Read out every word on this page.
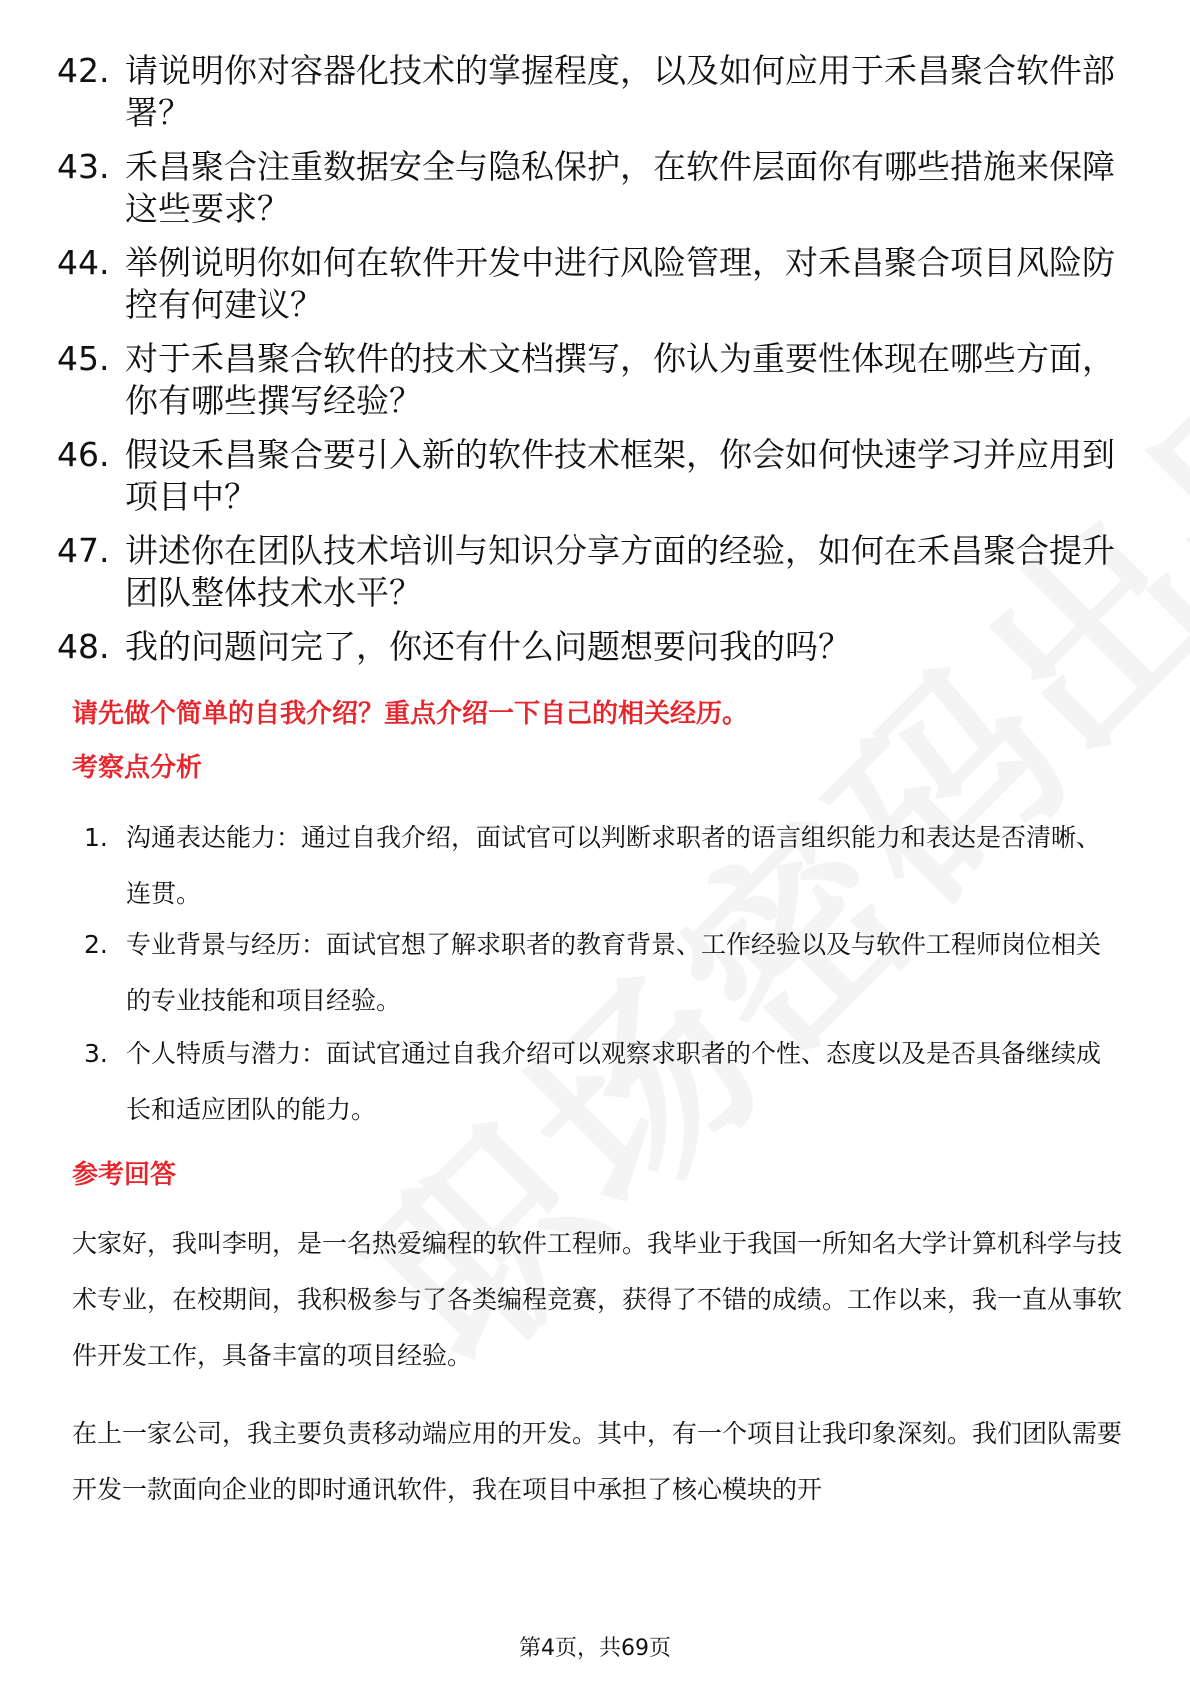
42. 请说明你对容器化技术的掌握程度，以及如何应用于禾昌聚合软件部署？
43. 禾昌聚合注重数据安全与隐私保护，在软件层面你有哪些措施来保障这些要求？
44. 举例说明你如何在软件开发中进行风险管理，对禾昌聚合项目风险防控有何建议？
45. 对于禾昌聚合软件的技术文档撰写，你认为重要性体现在哪些方面，你有哪些撰写经验？
46. 假设禾昌聚合要引入新的软件技术框架，你会如何快速学习并应用到项目中？
47. 讲述你在团队技术培训与知识分享方面的经验，如何在禾昌聚合提升团队整体技术水平？
48. 我的问题问完了，你还有什么问题想要问我的吗？
请先做个简单的自我介绍？重点介绍一下自己的相关经历。
考察点分析
1. 沟通表达能力：通过自我介绍，面试官可以判断求职者的语言组织能力和表达是否清晰、连贯。
2. 专业背景与经历：面试官想了解求职者的教育背景、工作经验以及与软件工程师岗位相关的专业技能和项目经验。
3. 个人特质与潜力：面试官通过自我介绍可以观察求职者的个性、态度以及是否具备继续成长和适应团队的能力。
参考回答
大家好，我叫李明，是一名热爱编程的软件工程师。我毕业于我国一所知名大学计算机科学与技术专业，在校期间，我积极参与了各类编程竞赛，获得了不错的成绩。工作以来，我一直从事软件开发工作，具备丰富的项目经验。
在上一家公司，我主要负责移动端应用的开发。其中，有一个项目让我印象深刻。我们团队需要开发一款面向企业的即时通讯软件，我在项目中承担了核心模块的开
第4页，共69页
